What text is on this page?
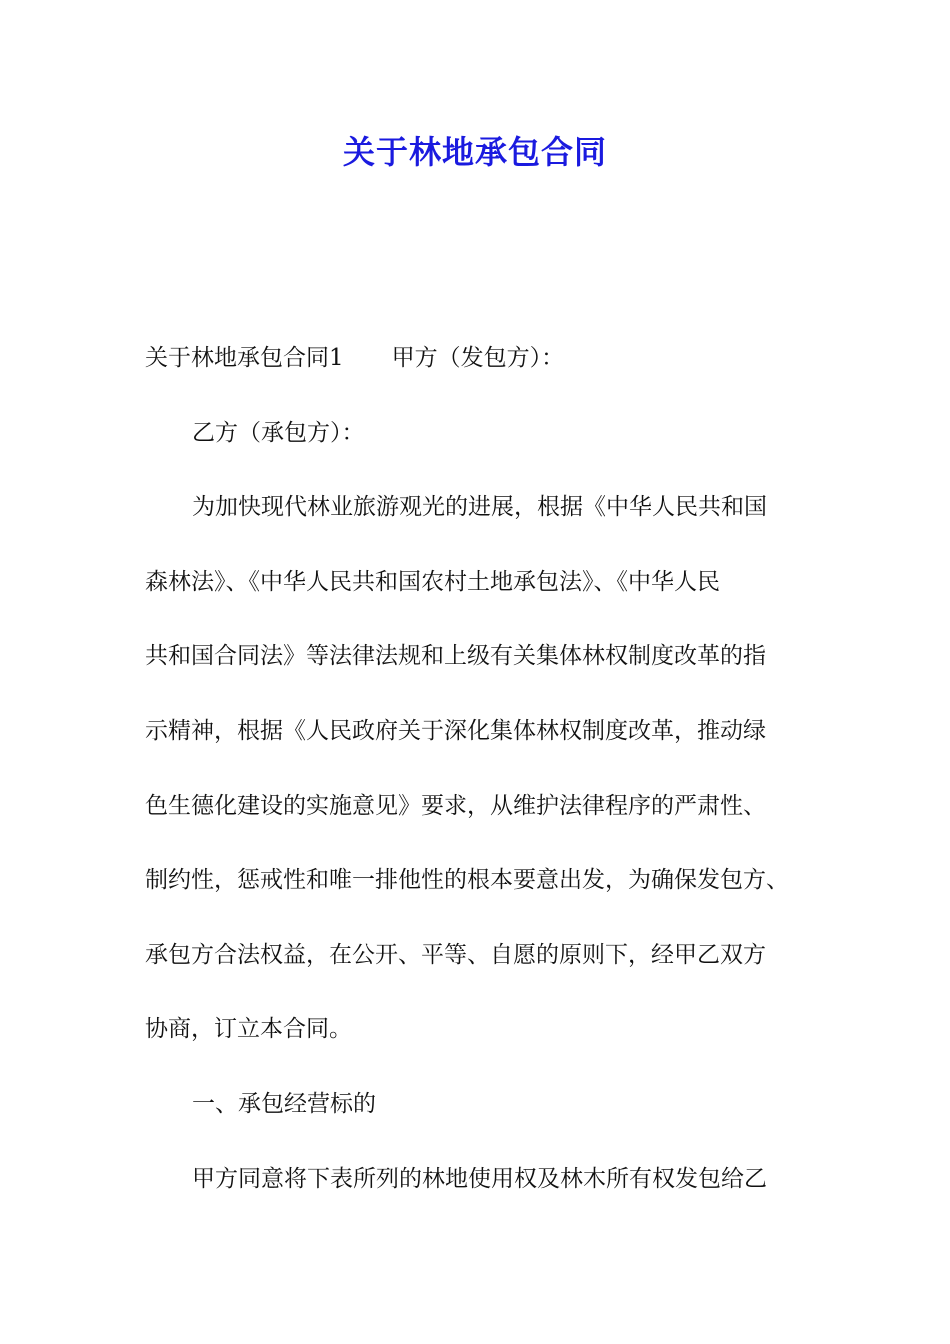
关于林地承包合同
关于林地承包合同1 甲方（发包方）：
乙方（承包方）：
为加快现代林业旅游观光的进展，根据《中华人民共和国
森林法》、《中华人民共和国农村土地承包法》、《中华人民
共和国合同法》等法律法规和上级有关集体林权制度改革的指
示精神，根据《人民政府关于深化集体林权制度改革，推动绿
色生德化建设的实施意见》要求，从维护法律程序的严肃性、
制约性，惩戒性和唯一排他性的根本要意出发，为确保发包方、
承包方合法权益，在公开、平等、自愿的原则下，经甲乙双方
协商，订立本合同。
一、承包经营标的
甲方同意将下表所列的林地使用权及林木所有权发包给乙
